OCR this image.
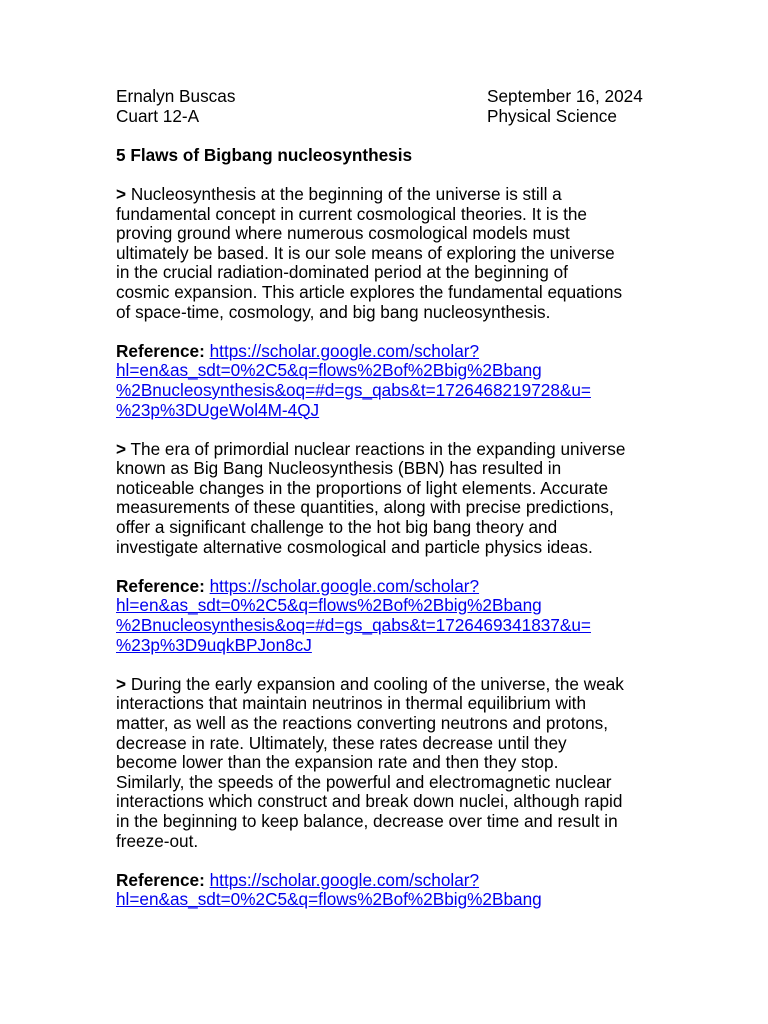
Ernalyn Buscas	September 16, 2024
Cuart 12-A	Physical Science
5 Flaws of Bigbang nucleosynthesis
> Nucleosynthesis at the beginning of the universe is still a
fundamental concept in current cosmological theories. It is the
proving ground where numerous cosmological models must
ultimately be based. It is our sole means of exploring the universe
in the crucial radiation-dominated period at the beginning of
cosmic expansion. This article explores the fundamental equations
of space-time, cosmology, and big bang nucleosynthesis.
Reference: https://scholar.google.com/scholar?
hl=en&as_sdt=0%2C5&q=flows%2Bof%2Bbig%2Bbang
%2Bnucleosynthesis&oq=#d=gs_qabs&t=1726468219728&u=
%23p%3DUgeWol4M-4QJ
> The era of primordial nuclear reactions in the expanding universe
known as Big Bang Nucleosynthesis (BBN) has resulted in
noticeable changes in the proportions of light elements. Accurate
measurements of these quantities, along with precise predictions,
offer a significant challenge to the hot big bang theory and
investigate alternative cosmological and particle physics ideas.
Reference: https://scholar.google.com/scholar?
hl=en&as_sdt=0%2C5&q=flows%2Bof%2Bbig%2Bbang
%2Bnucleosynthesis&oq=#d=gs_qabs&t=1726469341837&u=
%23p%3D9uqkBPJon8cJ
> During the early expansion and cooling of the universe, the weak
interactions that maintain neutrinos in thermal equilibrium with
matter, as well as the reactions converting neutrons and protons,
decrease in rate. Ultimately, these rates decrease until they
become lower than the expansion rate and then they stop.
Similarly, the speeds of the powerful and electromagnetic nuclear
interactions which construct and break down nuclei, although rapid
in the beginning to keep balance, decrease over time and result in
freeze-out.
Reference: https://scholar.google.com/scholar?
hl=en&as_sdt=0%2C5&q=flows%2Bof%2Bbig%2Bbang
